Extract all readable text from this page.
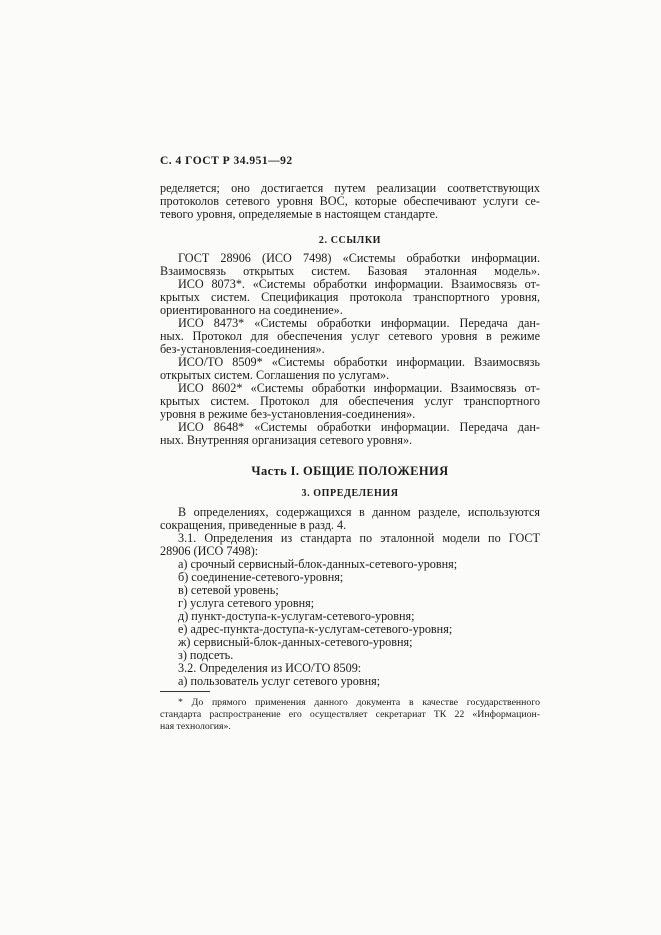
С. 4 ГОСТ Р 34.951—92
ределяется; оно достигается путем реализации соответствующих
протоколов сетевого уровня ВОС, которые обеспечивают услуги се-
тевого уровня, определяемые в настоящем стандарте.
2. ССЫЛКИ
ГОСТ 28906 (ИСО 7498) «Системы обработки информации.
Взаимосвязь открытых систем. Базовая эталонная модель».
ИСО 8073*. «Системы обработки информации. Взаимосвязь от-
крытых систем. Спецификация протокола транспортного уровня,
ориентированного на соединение».
ИСО 8473* «Системы обработки информации. Передача дан-
ных. Протокол для обеспечения услуг сетевого уровня в режиме
без-установления-соединения».
ИСО/ТО 8509* «Системы обработки информации. Взаимосвязь
открытых систем. Соглашения по услугам».
ИСО 8602* «Системы обработки информации. Взаимосвязь от-
крытых систем. Протокол для обеспечения услуг транспортного
уровня в режиме без-установления-соединения».
ИСО 8648* «Системы обработки информации. Передача дан-
ных. Внутренняя организация сетевого уровня».
Часть I. ОБЩИЕ ПОЛОЖЕНИЯ
3. ОПРЕДЕЛЕНИЯ
В определениях, содержащихся в данном разделе, используются
сокращения, приведенные в разд. 4.
3.1. Определения из стандарта по эталонной модели по ГОСТ
28906 (ИСО 7498):
а) срочный сервисный-блок-данных-сетевого-уровня;
б) соединение-сетевого-уровня;
в) сетевой уровень;
г) услуга сетевого уровня;
д) пункт-доступа-к-услугам-сетевого-уровня;
е) адрес-пункта-доступа-к-услугам-сетевого-уровня;
ж) сервисный-блок-данных-сетевого-уровня;
з) подсеть.
3.2. Определения из ИСО/ТО 8509:
а) пользователь услуг сетевого уровня;
* До прямого применения данного документа в качестве государственного
стандарта распространение его осуществляет секретариат ТК 22 «Информацион-
ная технология».
